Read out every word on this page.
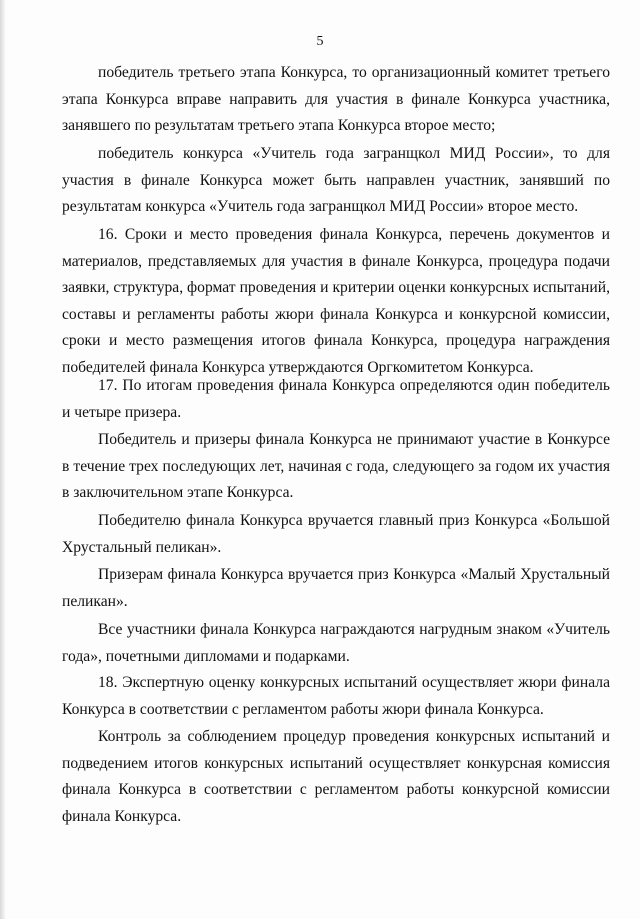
5

победитель третьего этапа Конкурса, то организационный комитет третьего этапа Конкурса вправе направить для участия в финале Конкурса участника, занявшего по результатам третьего этапа Конкурса второе место;

победитель конкурса «Учитель года загранщкол МИД России», то для участия в финале Конкурса может быть направлен участник, занявший по результатам конкурса «Учитель года загранщкол МИД России» второе место.

16. Сроки и место проведения финала Конкурса, перечень документов и материалов, представляемых для участия в финале Конкурса, процедура подачи заявки, структура, формат проведения и критерии оценки конкурсных испытаний, составы и регламенты работы жюри финала Конкурса и конкурсной комиссии, сроки и место размещения итогов финала Конкурса, процедура награждения победителей финала Конкурса утверждаются Оргкомитетом Конкурса.

17. По итогам проведения финала Конкурса определяются один победитель и четыре призера.

Победитель и призеры финала Конкурса не принимают участие в Конкурсе в течение трех последующих лет, начиная с года, следующего за годом их участия в заключительном этапе Конкурса.

Победителю финала Конкурса вручается главный приз Конкурса «Большой Хрустальный пеликан».

Призерам финала Конкурса вручается приз Конкурса «Малый Хрустальный пеликан».

Все участники финала Конкурса награждаются нагрудным знаком «Учитель года», почетными дипломами и подарками.

18. Экспертную оценку конкурсных испытаний осуществляет жюри финала Конкурса в соответствии с регламентом работы жюри финала Конкурса.

Контроль за соблюдением процедур проведения конкурсных испытаний и подведением итогов конкурсных испытаний осуществляет конкурсная комиссия финала Конкурса в соответствии с регламентом работы конкурсной комиссии финала Конкурса.
